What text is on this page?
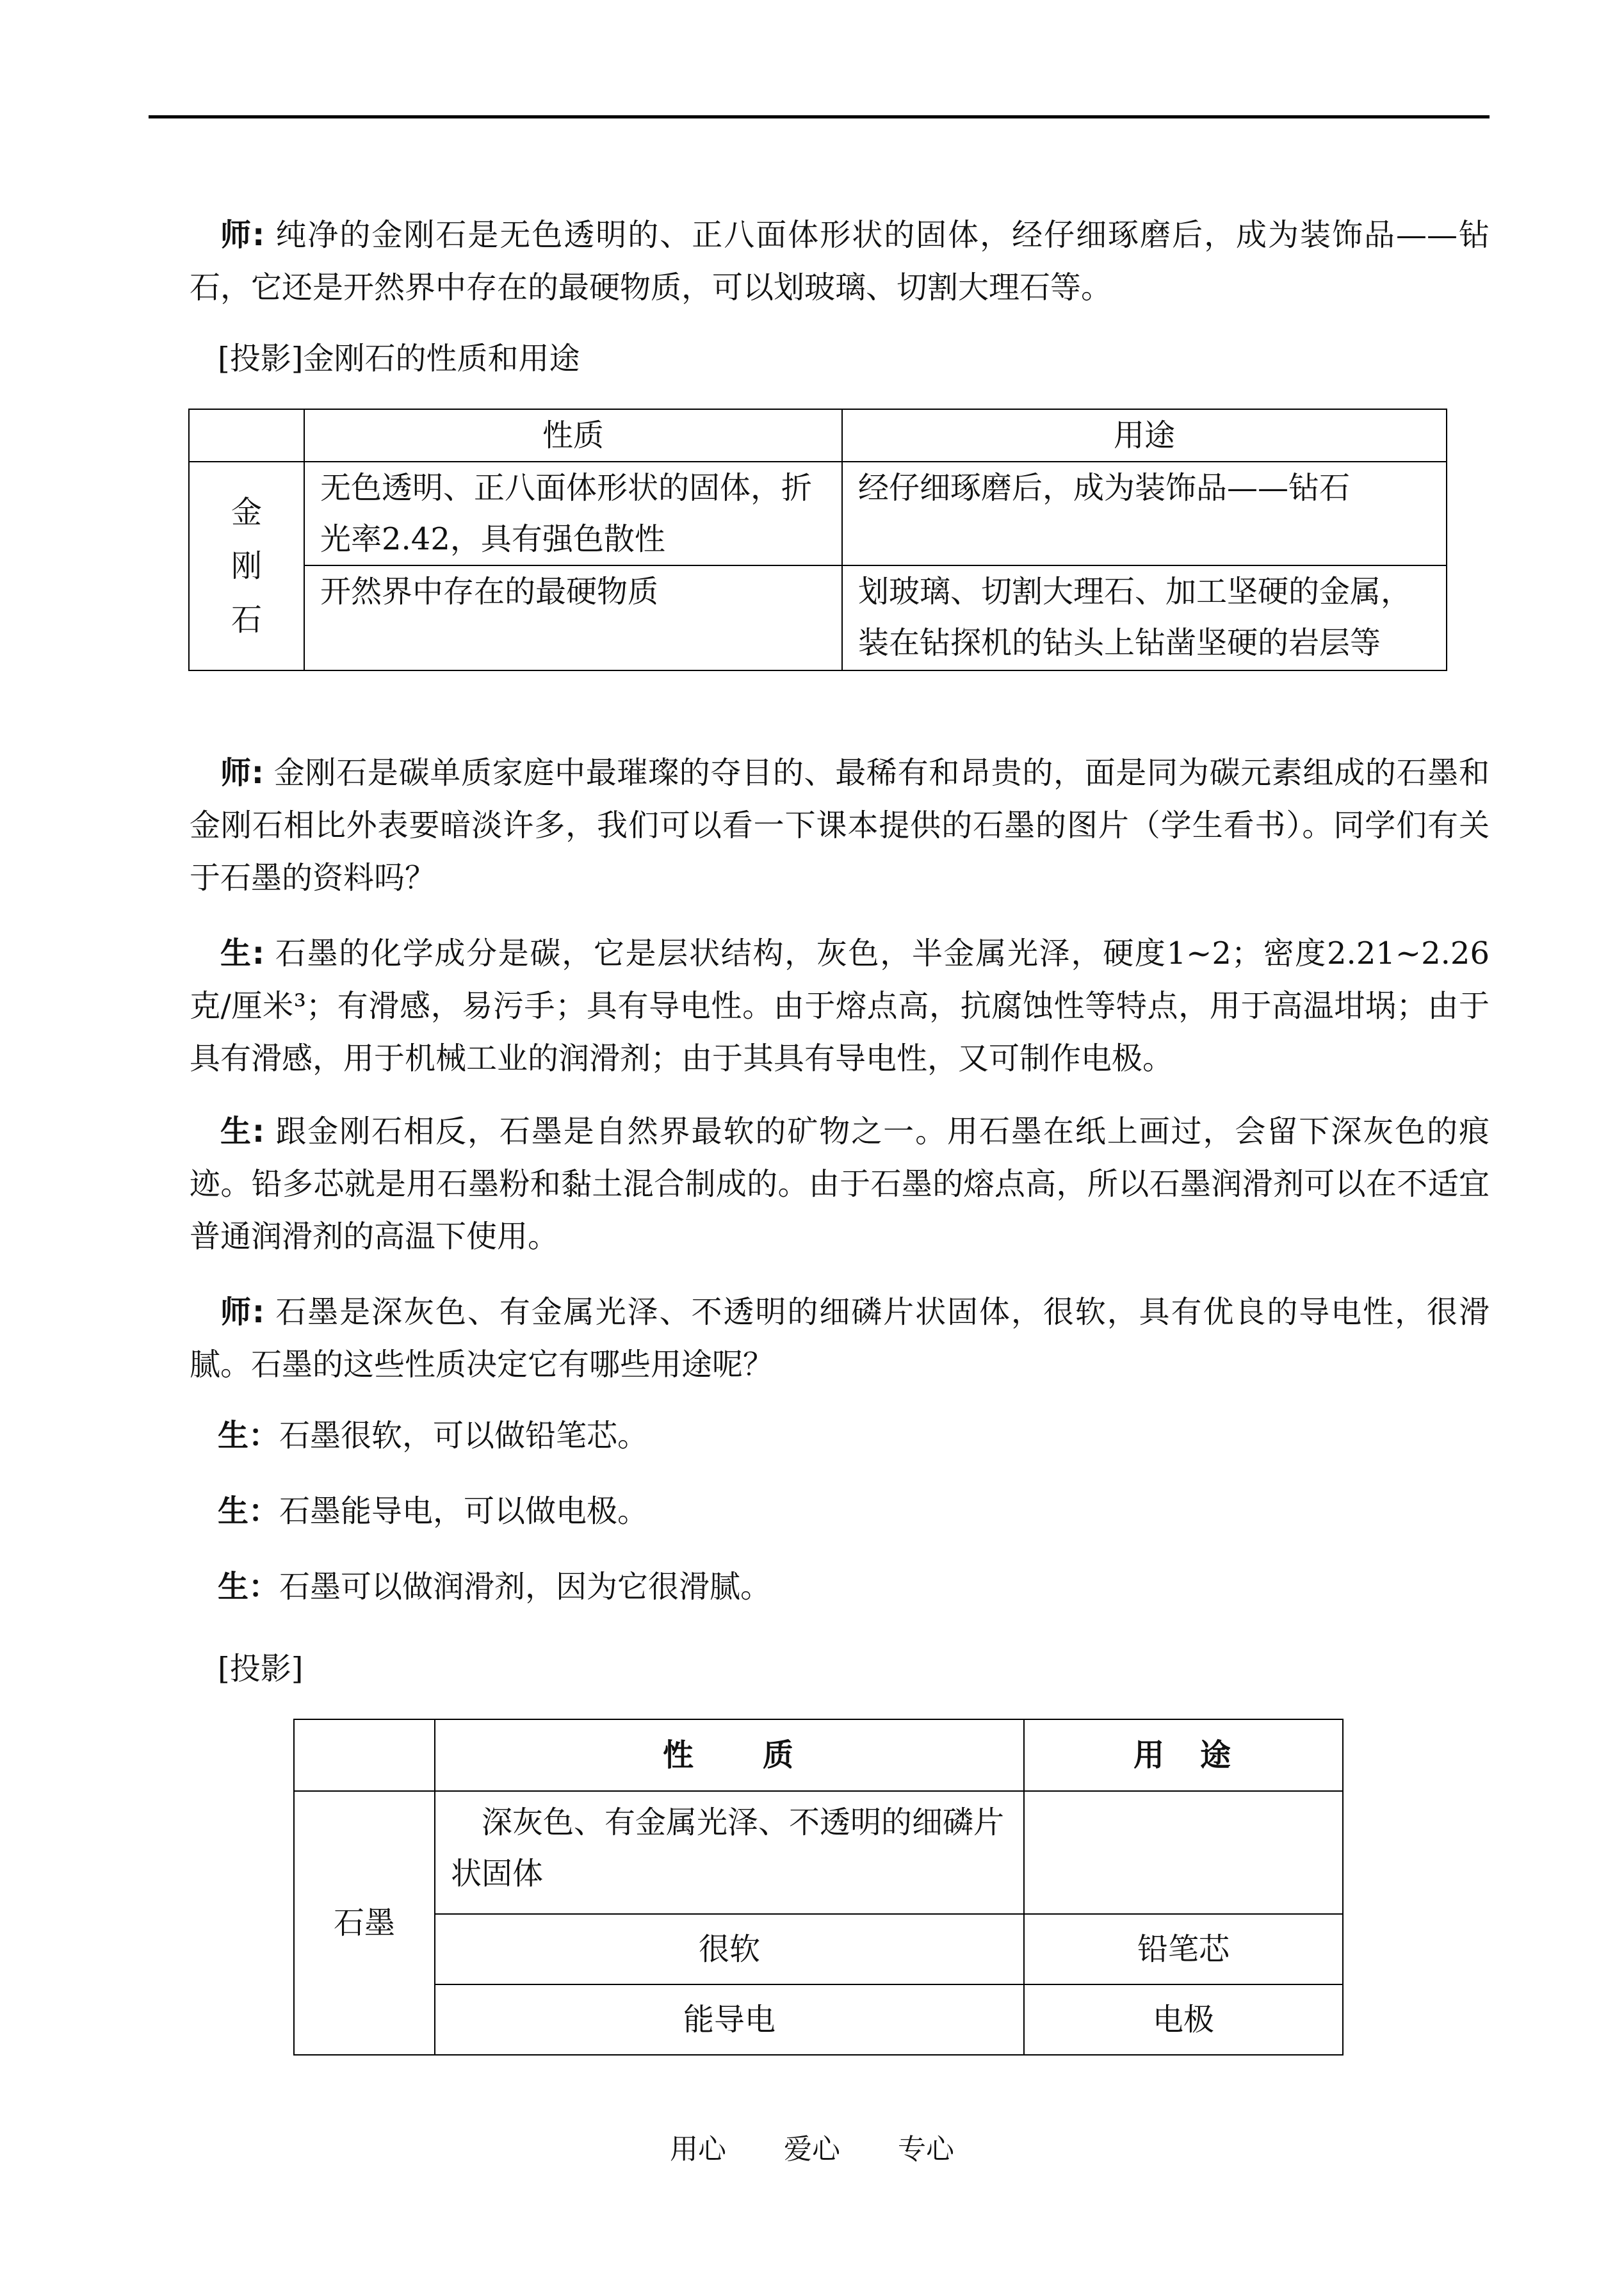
师: 纯净的金刚石是无色透明的、正八面体形状的固体，经仔细琢磨后，成为装饰品——钻石，它还是开然界中存在的最硬物质，可以划玻璃、切割大理石等。

[投影]金刚石的性质和用途
	性质	用途
金刚石	无色透明、正八面体形状的固体，折光率2.42，具有强色散性	经仔细琢磨后，成为装饰品——钻石
	开然界中存在的最硬物质	划玻璃、切割大理石、加工坚硬的金属，装在钻探机的钻头上钻凿坚硬的岩层等

师: 金刚石是碳单质家庭中最璀璨的夺目的、最稀有和昂贵的，面是同为碳元素组成的石墨和金刚石相比外表要暗淡许多，我们可以看一下课本提供的石墨的图片（学生看书）。同学们有关于石墨的资料吗？

生: 石墨的化学成分是碳，它是层状结构，灰色，半金属光泽，硬度1~2；密度2.21~2.26克/厘米³；有滑感，易污手；具有导电性。由于熔点高，抗腐蚀性等特点，用于高温坩埚；由于具有滑感，用于机械工业的润滑剂；由于其具有导电性，又可制作电极。

生: 跟金刚石相反，石墨是自然界最软的矿物之一。用石墨在纸上画过，会留下深灰色的痕迹。铅多芯就是用石墨粉和黏土混合制成的。由于石墨的熔点高，所以石墨润滑剂可以在不适宜普通润滑剂的高温下使用。

师: 石墨是深灰色、有金属光泽、不透明的细磷片状固体，很软，具有优良的导电性，很滑腻。石墨的这些性质决定它有哪些用途呢？

生：石墨很软，可以做铅笔芯。
生：石墨能导电，可以做电极。
生：石墨可以做润滑剂，因为它很滑腻。
[投影]
	性　　质	用　途
石墨	深灰色、有金属光泽、不透明的细磷片状固体	
	很软	铅笔芯
	能导电	电极
用心 爱心 专心
